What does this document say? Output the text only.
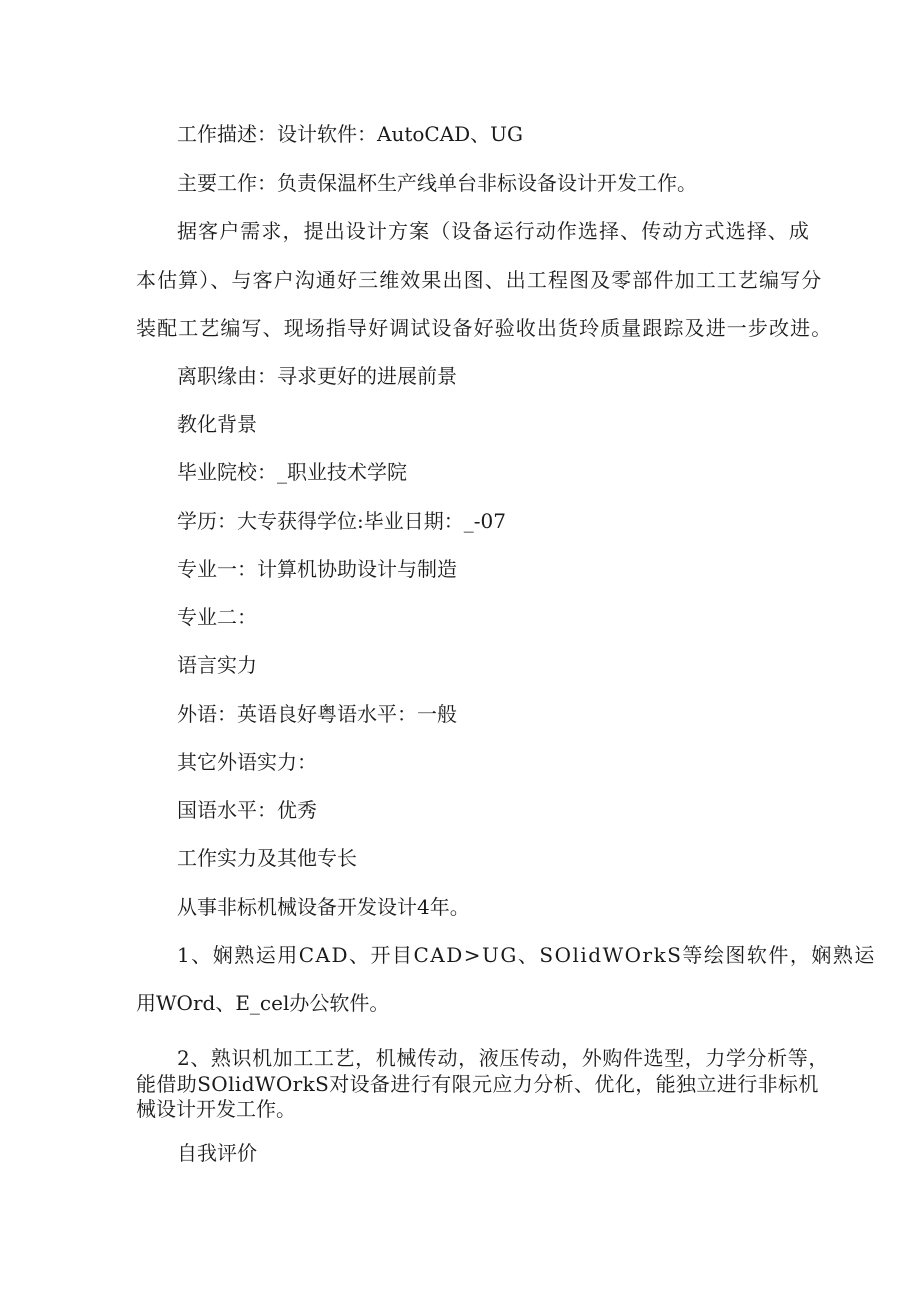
工作描述：设计软件：AutoCAD、UG
主要工作：负责保温杯生产线单台非标设备设计开发工作。
据客户需求，提出设计方案（设备运行动作选择、传动方式选择、成
本估算）、与客户沟通好三维效果出图、出工程图及零部件加工工艺编写分
装配工艺编写、现场指导好调试设备好验收出货玲质量跟踪及进一步改进。
离职缘由：寻求更好的进展前景
教化背景
毕业院校：_职业技术学院
学历：大专获得学位:毕业日期：_-07
专业一：计算机协助设计与制造
专业二：
语言实力
外语：英语良好粤语水平：一般
其它外语实力：
国语水平：优秀
工作实力及其他专长
从事非标机械设备开发设计4年。
1、娴熟运用CAD、开目CAD>UG、SOlidWOrkS等绘图软件，娴熟运
用WOrd、E_cel办公软件。
2、熟识机加工工艺，机械传动，液压传动，外购件选型，力学分析等，
能借助SOlidWOrkS对设备进行有限元应力分析、优化，能独立进行非标机
械设计开发工作。
自我评价
